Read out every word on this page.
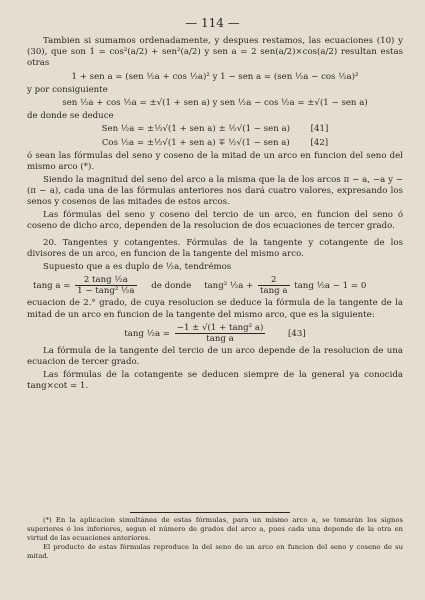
— 114 —

Tambien si sumamos ordenadamente, y despues restamos, las ecuaciones (10) y (30), que son 1 = cos²(a/2) + sen²(a/2) y sen a = 2 sen(a/2)×cos(a/2) resultan estas otras

1 + sen a = (sen ½a + cos ½a)² y 1 − sen a = (sen ½a − cos ½a)²

y por consiguiente

sen ½a + cos ½a = ±√(1 + sen a) y sen ½a − cos ½a = ±√(1 − sen a)

de donde se deduce

Sen ½a = ±½√(1 + sen a) ± ½√(1 − sen a) [41]
Cos ½a = ±½√(1 + sen a) ∓ ½√(1 − sen a) [42]

ó sean las fórmulas del seno y coseno de la mitad de un arco en funcion del seno del mismo arco (*).

Siendo la magnitud del seno del arco a la misma que la de los arcos π − a, −a y −(π − a), cada una de las fórmulas anteriores nos dará cuatro valores, expresando los senos y cosenos de las mitades de estos arcos.

Las fórmulas del seno y coseno del tercio de un arco, en funcion del seno ó coseno de dicho arco, dependen de la resolucion de dos ecuaciones de tercer grado.

20. Tangentes y cotangentes. Fórmulas de la tangente y cotangente de los divisores de un arco, en funcion de la tangente del mismo arco.

Supuesto que a es duplo de ½a, tendrémos

tang $a = \frac{\text{2 tang ½a}}{\text{1 − tang² ½a}}$ de donde tang² ½a + $\frac{2}{\text{tang a}}$ tang ½a − 1 = 0

ecuacion de 2.° grado, de cuya resolucion se deduce la fórmula de la tangente de la mitad de un arco en funcion de la tangente del mismo arco, que es la siguiente:

tang ½a = $\frac{\text{−1 ± √(1 + tang² a)}}{\text{tang a}}$	[43]

La fórmula de la tangente del tercio de un arco depende de la resolucion de una ecuacion de tercer grado.

Las fórmulas de la cotangente se deducen siempre de la general ya conocida tang×cot = 1.

(*) En la aplicacion simultánea de estas fórmulas, para un mismo arco a, se tomarán los signos superiores ó los inferiores, segun el número de grados del arco a, pues cada una depende de la otra en virtud de las ecuaciones anteriores.

El producto de estas fórmulas reproduce la del seno de un arco en funcion del seno y coseno de su mitad.
